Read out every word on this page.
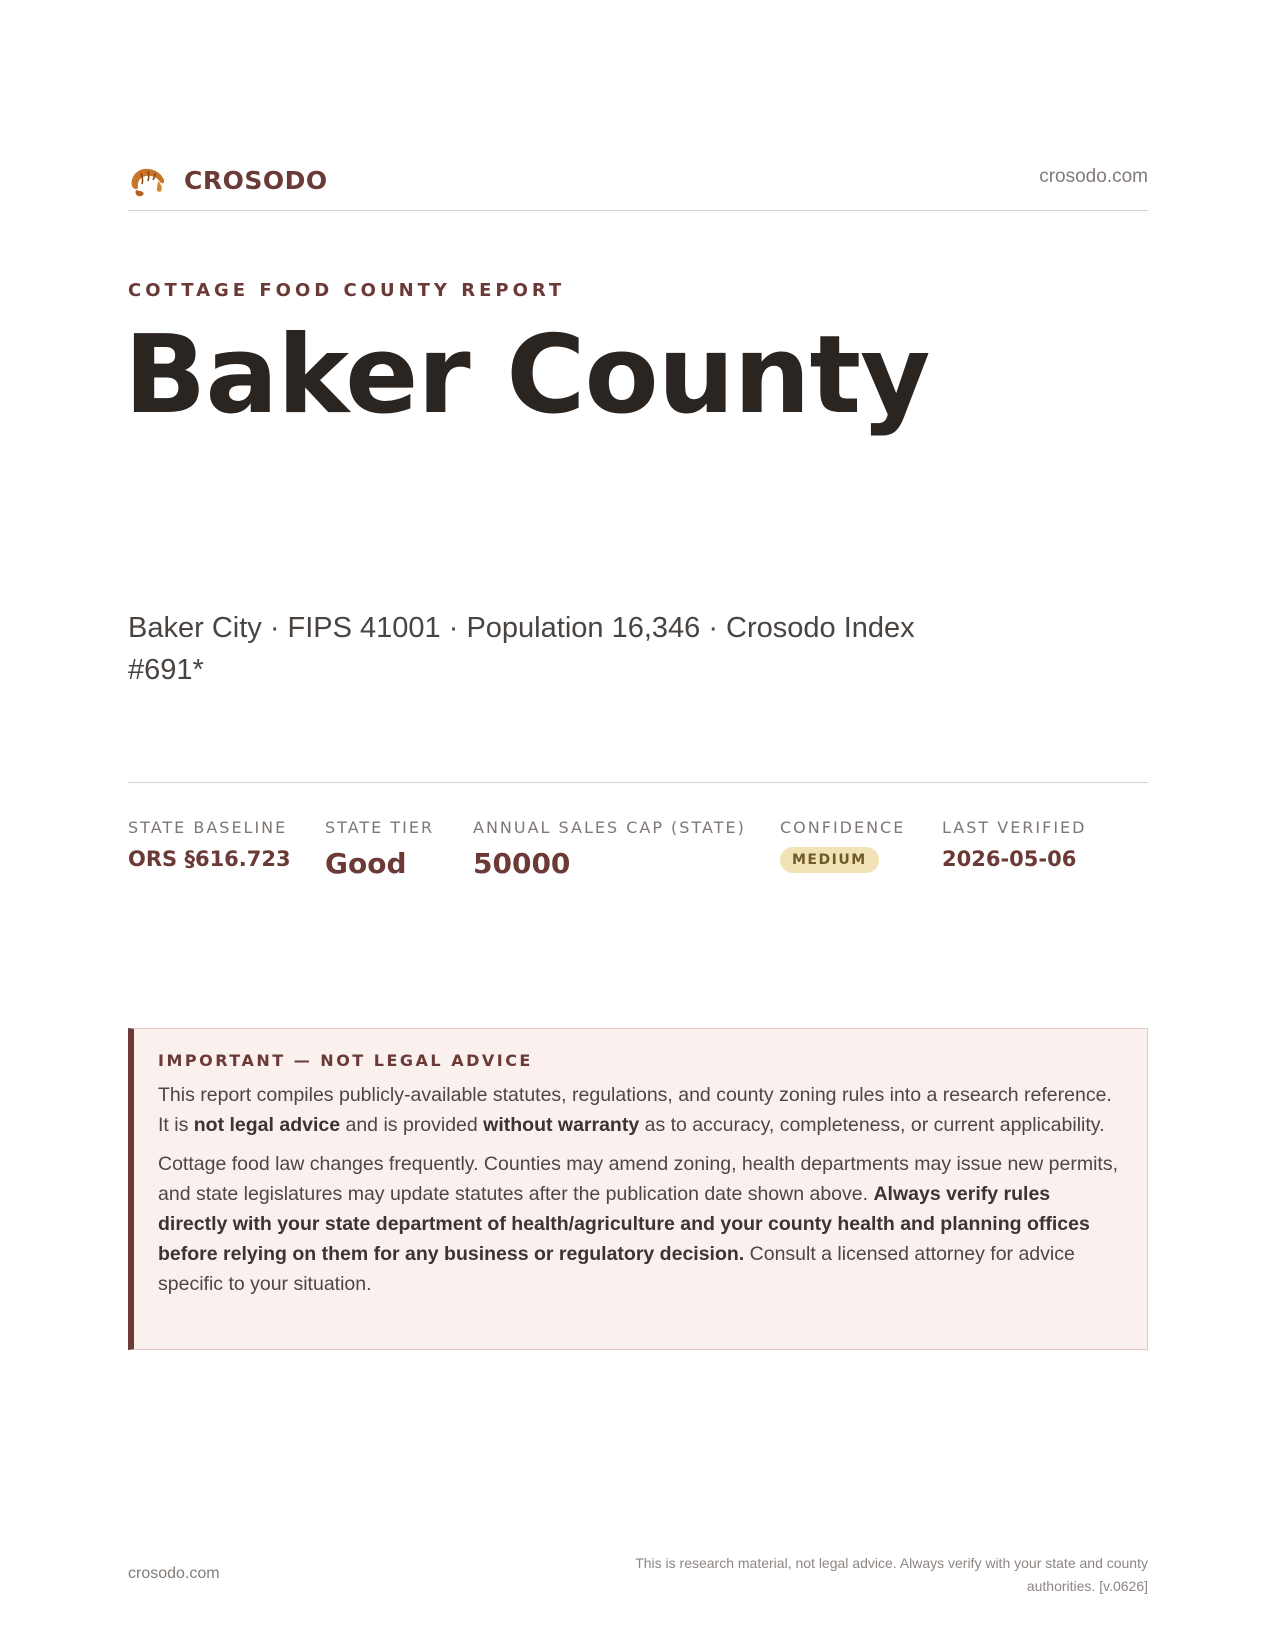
CROSODO	crosodo.com
COTTAGE FOOD COUNTY REPORT
Baker County
Baker City · FIPS 41001 · Population 16,346 · Crosodo Index #691*
STATE BASELINE
ORS §616.723
STATE TIER
Good
ANNUAL SALES CAP (STATE)
50000
CONFIDENCE
MEDIUM
LAST VERIFIED
2026-05-06
IMPORTANT — NOT LEGAL ADVICE

This report compiles publicly-available statutes, regulations, and county zoning rules into a research reference. It is not legal advice and is provided without warranty as to accuracy, completeness, or current applicability.

Cottage food law changes frequently. Counties may amend zoning, health departments may issue new permits, and state legislatures may update statutes after the publication date shown above. Always verify rules directly with your state department of health/agriculture and your county health and planning offices before relying on them for any business or regulatory decision. Consult a licensed attorney for advice specific to your situation.

crosodo.com
This is research material, not legal advice. Always verify with your state and county authorities. [v.0626]
